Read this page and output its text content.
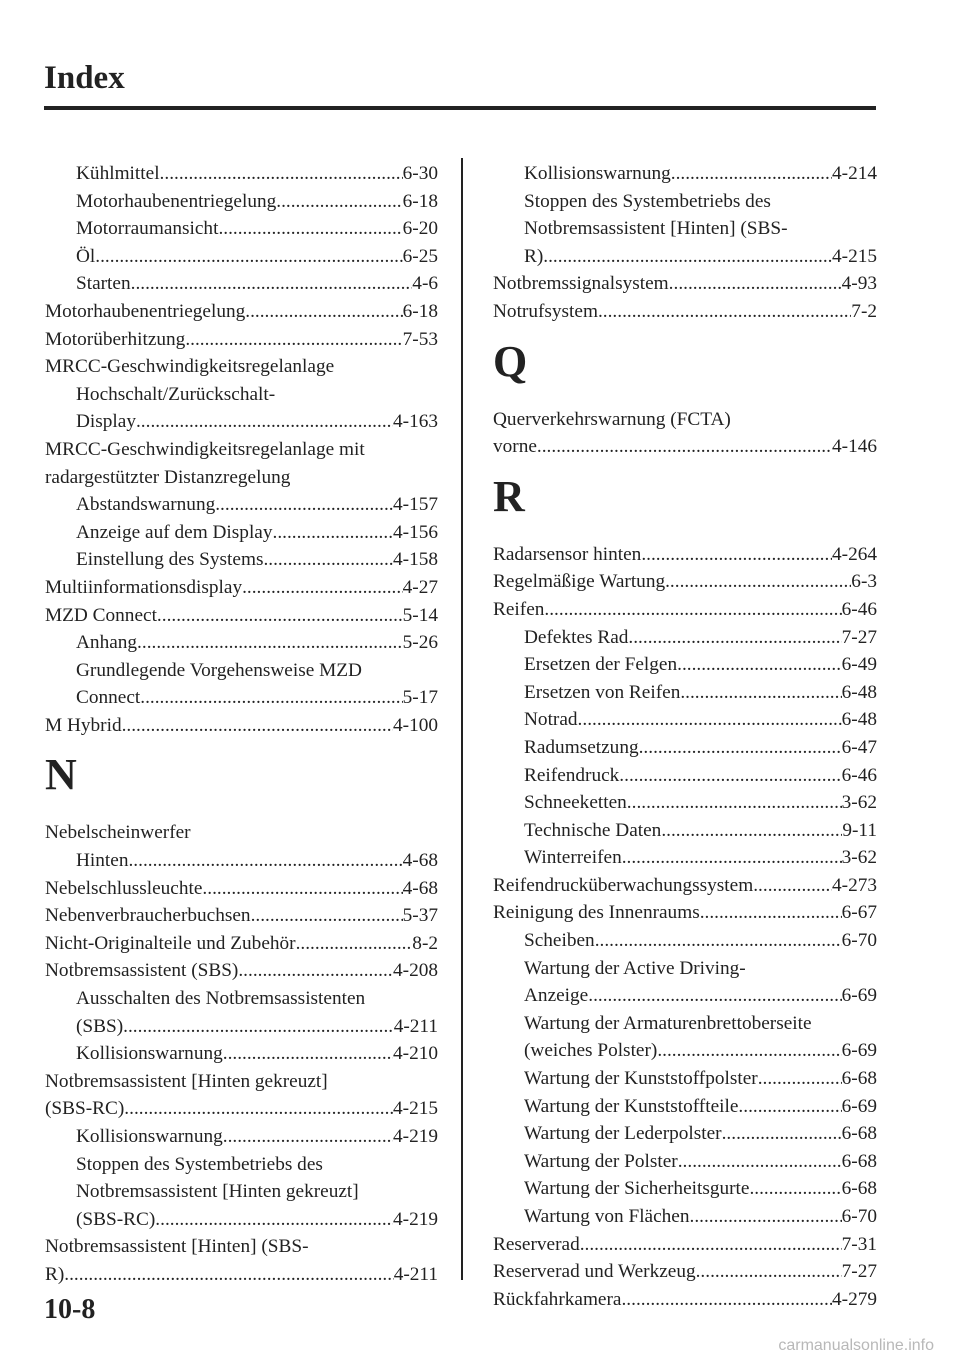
Index
Kühlmittel .....	6-30
Motorhaubenentriegelung .....	6-18
Motorraumansicht .....	6-20
Öl .....	6-25
Starten .....	4-6
Motorhaubenentriegelung .....	6-18
Motorüberhitzung .....	7-53
MRCC-Geschwindigkeitsregelanlage
Hochschalt/Zurückschalt-
Display .....	4-163
MRCC-Geschwindigkeitsregelanlage mit
radargestützter Distanzregelung
Abstandswarnung .....	4-157
Anzeige auf dem Display .....	4-156
Einstellung des Systems .....	4-158
Multiinformationsdisplay .....	4-27
MZD Connect .....	5-14
Anhang .....	5-26
Grundlegende Vorgehensweise MZD
Connect .....	5-17
M Hybrid .....	4-100
N
Nebelscheinwerfer
Hinten .....	4-68
Nebelschlussleuchte .....	4-68
Nebenverbraucherbuchsen .....	5-37
Nicht-Originalteile und Zubehör .....	8-2
Notbremsassistent (SBS) .....	4-208
Ausschalten des Notbremsassistenten
(SBS) .....	4-211
Kollisionswarnung .....	4-210
Notbremsassistent [Hinten gekreuzt]
(SBS-RC) .....	4-215
Kollisionswarnung .....	4-219
Stoppen des Systembetriebs des
Notbremsassistent [Hinten gekreuzt]
(SBS-RC) .....	4-219
Notbremsassistent [Hinten] (SBS-
R) .....	4-211
Kollisionswarnung .....	4-214
Stoppen des Systembetriebs des
Notbremsassistent [Hinten] (SBS-
R) .....	4-215
Notbremssignalsystem .....	4-93
Notrufsystem .....	7-2
Q
Querverkehrswarnung (FCTA)
vorne .....	4-146
R
Radarsensor hinten .....	4-264
Regelmäßige Wartung .....	6-3
Reifen .....	6-46
Defektes Rad .....	7-27
Ersetzen der Felgen .....	6-49
Ersetzen von Reifen .....	6-48
Notrad .....	6-48
Radumsetzung .....	6-47
Reifendruck .....	6-46
Schneeketten .....	3-62
Technische Daten .....	9-11
Winterreifen .....	3-62
Reifendrucküberwachungssystem .....	4-273
Reinigung des Innenraums .....	6-67
Scheiben .....	6-70
Wartung der Active Driving-
Anzeige .....	6-69
Wartung der Armaturenbrettoberseite
(weiches Polster) .....	6-69
Wartung der Kunststoffpolster .....	6-68
Wartung der Kunststoffteile .....	6-69
Wartung der Lederpolster .....	6-68
Wartung der Polster .....	6-68
Wartung der Sicherheitsgurte .....	6-68
Wartung von Flächen .....	6-70
Reserverad .....	7-31
Reserverad und Werkzeug .....	7-27
Rückfahrkamera .....	4-279
10-8
carmanualsonline.info
